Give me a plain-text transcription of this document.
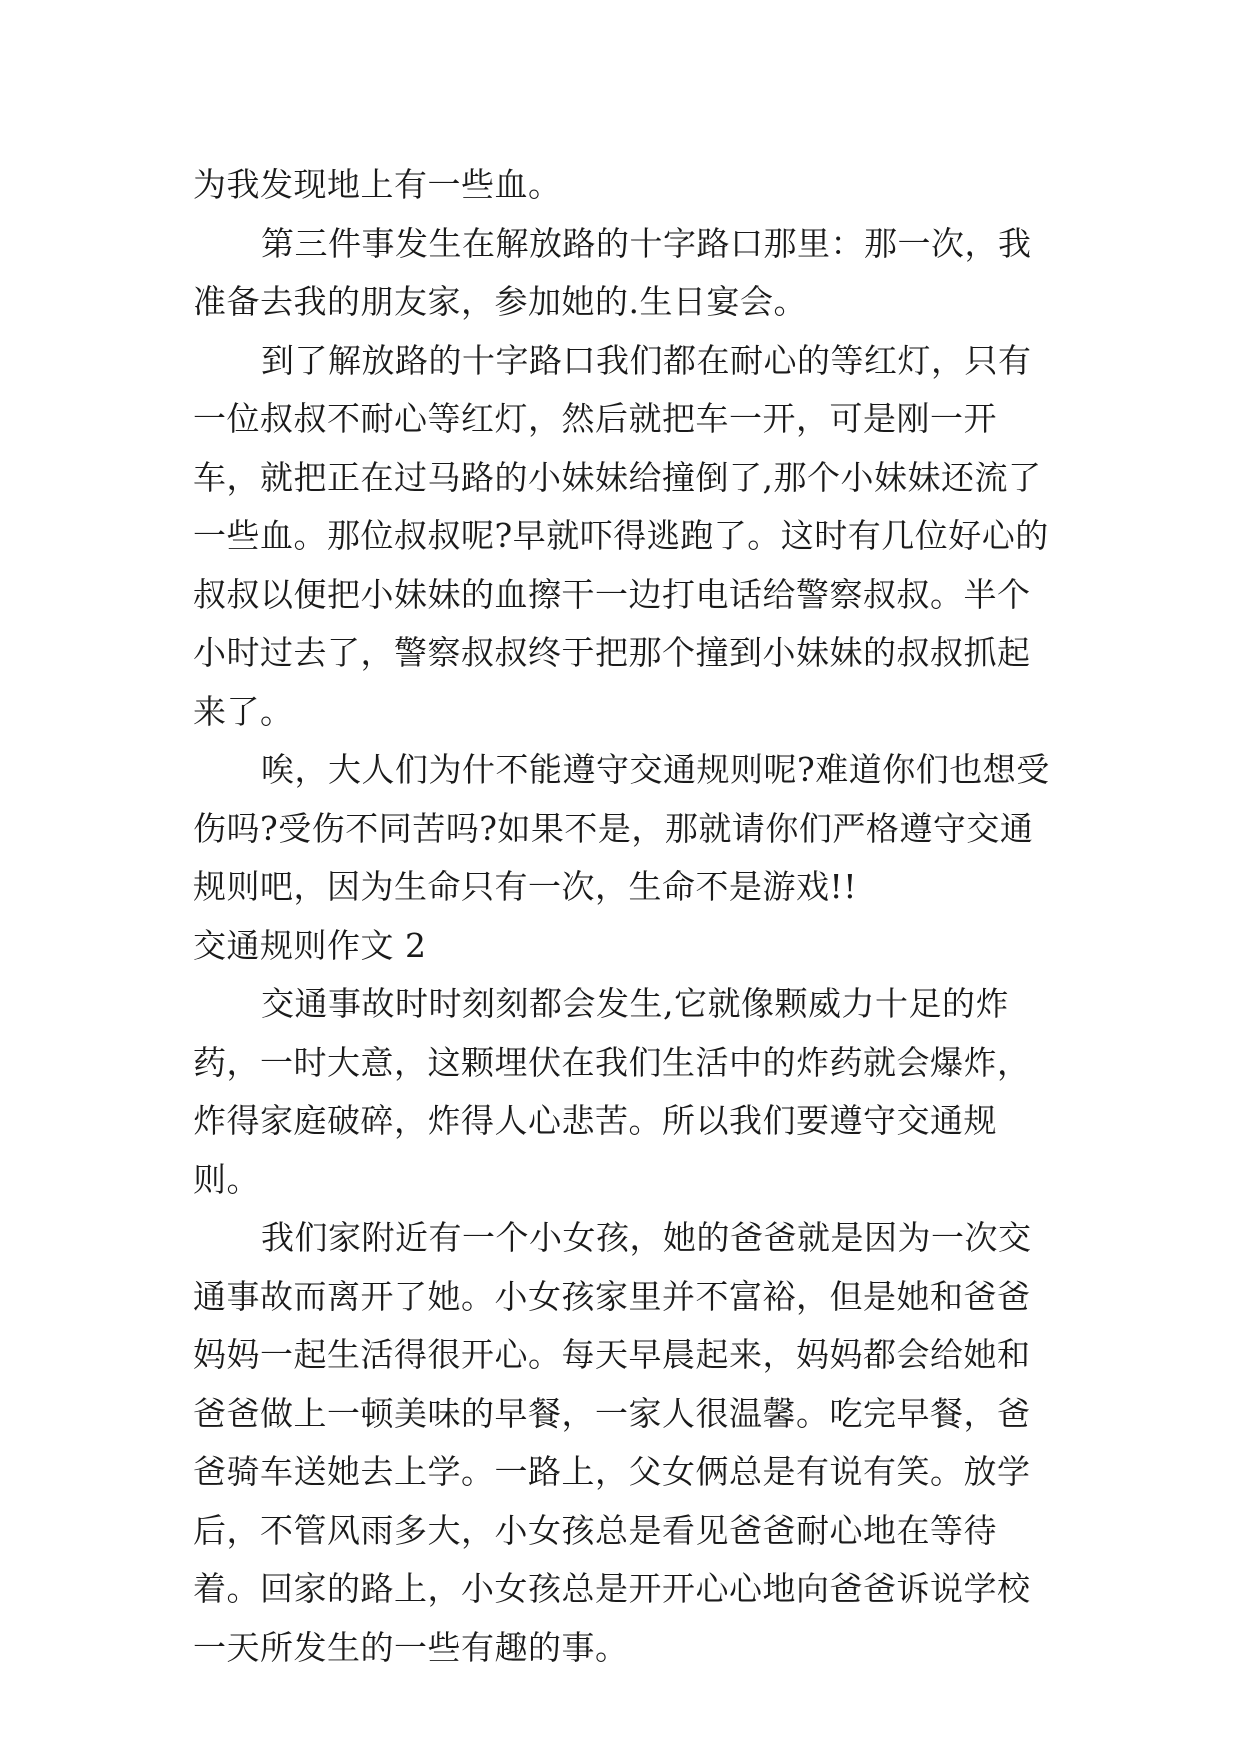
为我发现地上有一些血。

第三件事发生在解放路的十字路口那里：那一次，我准备去我的朋友家，参加她的.生日宴会。

到了解放路的十字路口我们都在耐心的等红灯，只有一位叔叔不耐心等红灯，然后就把车一开，可是刚一开车，就把正在过马路的小妹妹给撞倒了,那个小妹妹还流了一些血。那位叔叔呢?早就吓得逃跑了。这时有几位好心的叔叔以便把小妹妹的血擦干一边打电话给警察叔叔。半个小时过去了，警察叔叔终于把那个撞到小妹妹的叔叔抓起来了。

唉，大人们为什不能遵守交通规则呢?难道你们也想受伤吗?受伤不同苦吗?如果不是，那就请你们严格遵守交通规则吧，因为生命只有一次，生命不是游戏!!

交通规则作文 2

交通事故时时刻刻都会发生,它就像颗威力十足的炸药，一时大意，这颗埋伏在我们生活中的炸药就会爆炸，炸得家庭破碎，炸得人心悲苦。所以我们要遵守交通规则。

我们家附近有一个小女孩，她的爸爸就是因为一次交通事故而离开了她。小女孩家里并不富裕，但是她和爸爸妈妈一起生活得很开心。每天早晨起来，妈妈都会给她和爸爸做上一顿美味的早餐，一家人很温馨。吃完早餐，爸爸骑车送她去上学。一路上，父女俩总是有说有笑。放学后，不管风雨多大，小女孩总是看见爸爸耐心地在等待着。回家的路上，小女孩总是开开心心地向爸爸诉说学校一天所发生的一些有趣的事。
